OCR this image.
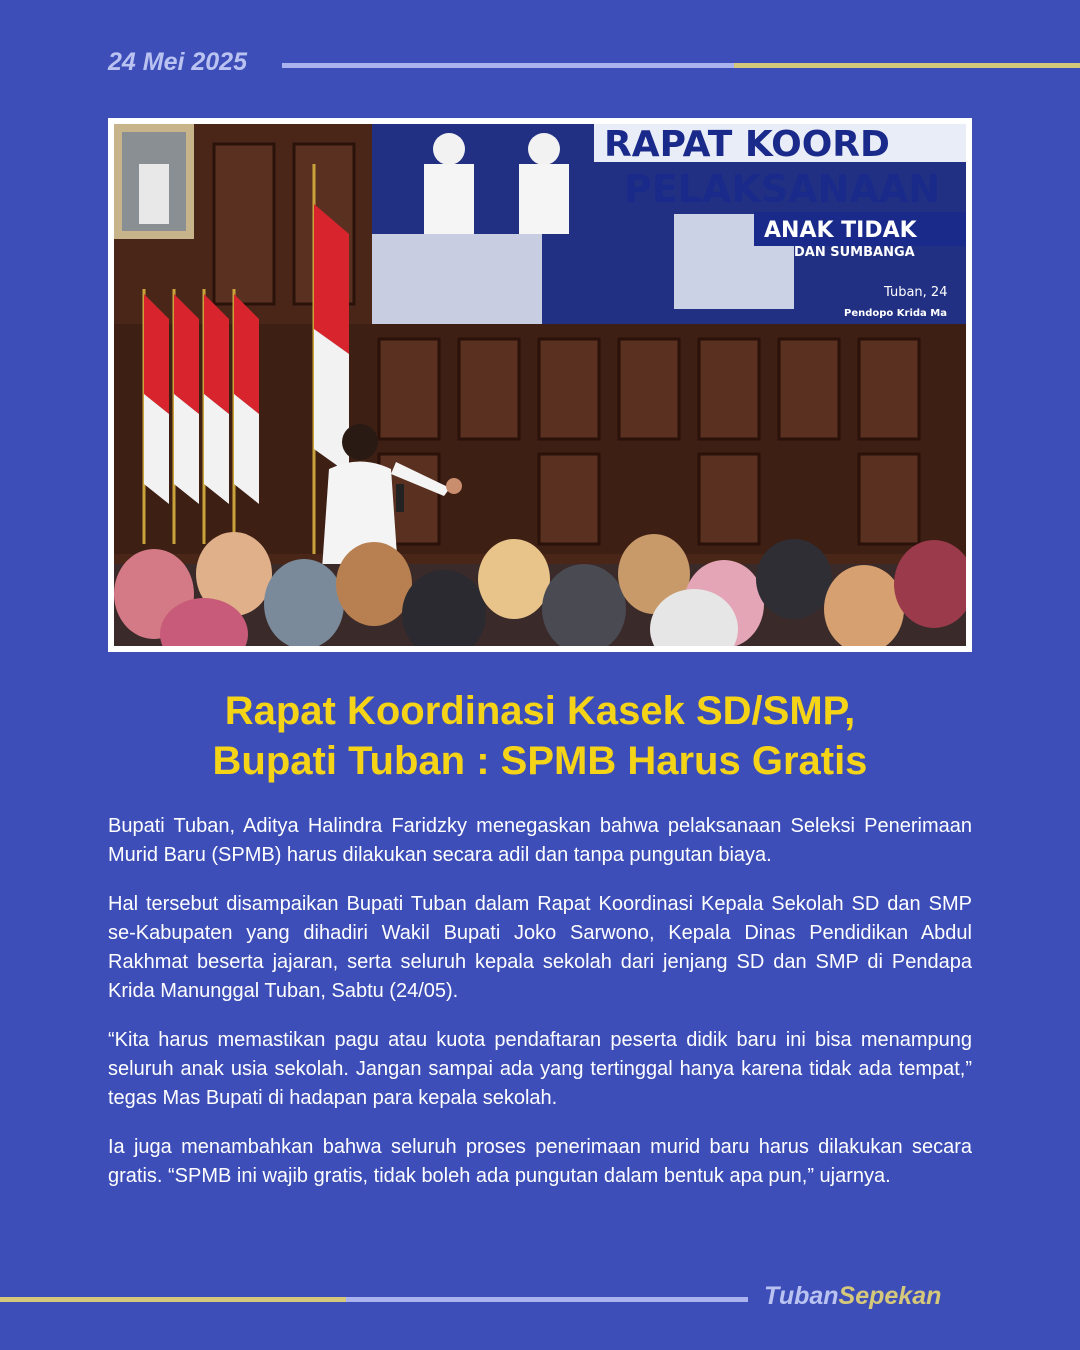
24 Mei 2025
RAPAT KOORD
PELAKSANAAN
ANAK TIDAK
DAN SUMBANGA
Tuban, 24
Pendopo Krida Ma
Rapat Koordinasi Kasek SD/SMP,
Bupati Tuban : SPMB Harus Gratis

Bupati Tuban, Aditya Halindra Faridzky menegaskan bahwa pelaksanaan Seleksi Penerimaan Murid Baru (SPMB) harus dilakukan secara adil dan tanpa pungutan biaya.

Hal tersebut disampaikan Bupati Tuban dalam Rapat Koordinasi Kepala Sekolah SD dan SMP se-Kabupaten yang dihadiri Wakil Bupati Joko Sarwono, Kepala Dinas Pendidikan Abdul Rakhmat beserta jajaran, serta seluruh kepala sekolah dari jenjang SD dan SMP di Pendapa Krida Manunggal Tuban, Sabtu (24/05).

“Kita harus memastikan pagu atau kuota pendaftaran peserta didik baru ini bisa menampung seluruh anak usia sekolah. Jangan sampai ada yang tertinggal hanya karena tidak ada tempat,” tegas Mas Bupati di hadapan para kepala sekolah.

Ia juga menambahkan bahwa seluruh proses penerimaan murid baru harus dilakukan secara gratis. “SPMB ini wajib gratis, tidak boleh ada pungutan dalam bentuk apa pun,” ujarnya.

TubanSepekan
